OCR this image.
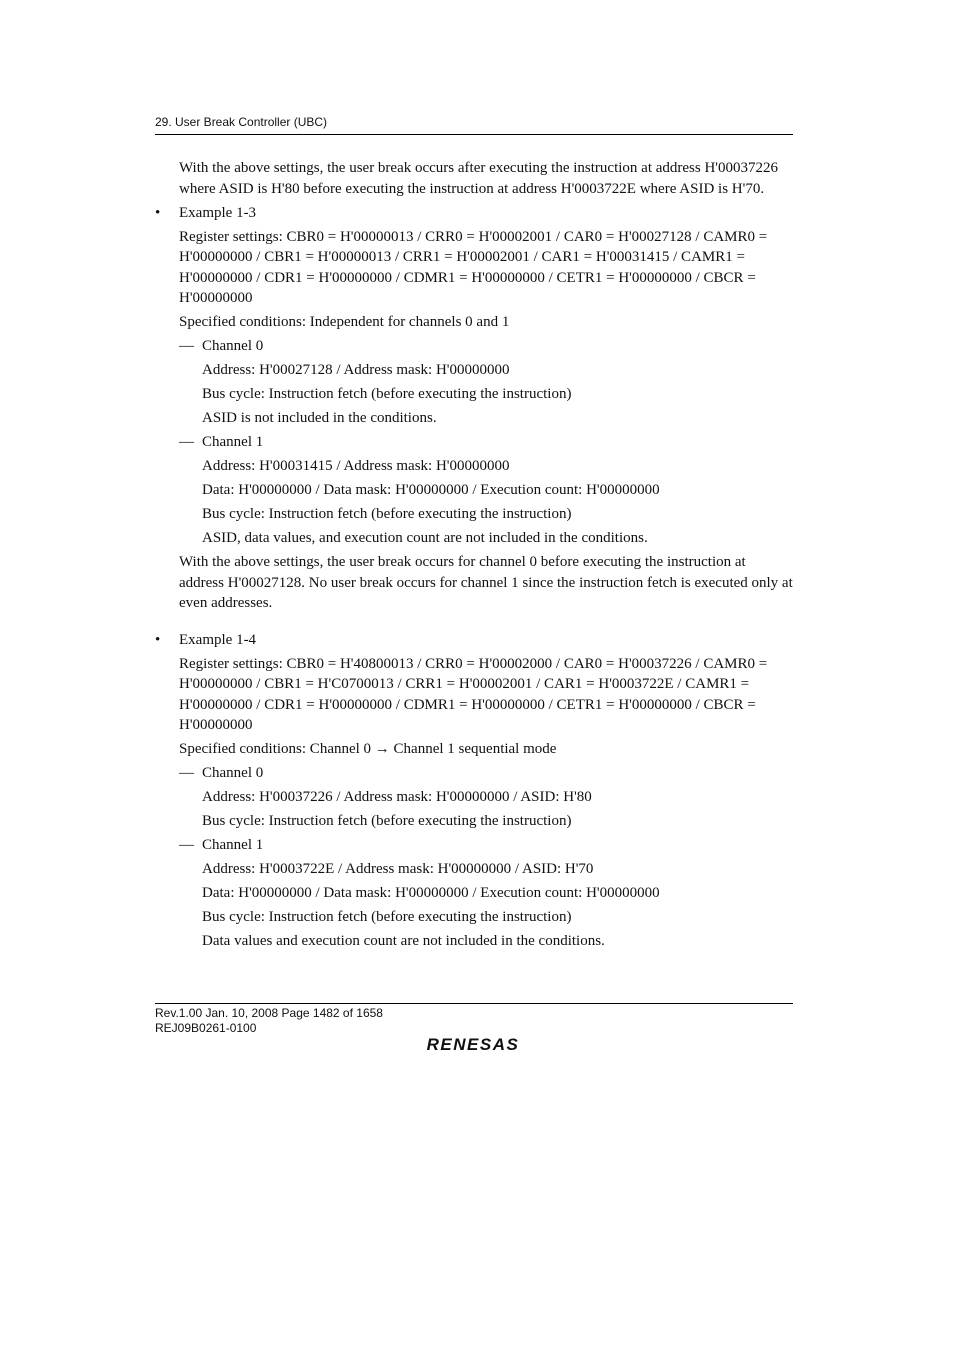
29. User Break Controller (UBC)

With the above settings, the user break occurs after executing the instruction at address H'00037226 where ASID is H'80 before executing the instruction at address H'0003722E where ASID is H'70.

•	Example 1-3

Register settings: CBR0 = H'00000013 / CRR0 = H'00002001 / CAR0 = H'00027128 / CAMR0 = H'00000000 / CBR1 = H'00000013 / CRR1 = H'00002001 / CAR1 = H'00031415 / CAMR1 = H'00000000 / CDR1 = H'00000000 / CDMR1 = H'00000000 / CETR1 = H'00000000 / CBCR = H'00000000

Specified conditions: Independent for channels 0 and 1

— Channel 0

Address: H'00027128 / Address mask: H'00000000

Bus cycle: Instruction fetch (before executing the instruction)

ASID is not included in the conditions.

— Channel 1

Address: H'00031415 / Address mask: H'00000000

Data: H'00000000 / Data mask: H'00000000 / Execution count: H'00000000

Bus cycle: Instruction fetch (before executing the instruction)

ASID, data values, and execution count are not included in the conditions.

With the above settings, the user break occurs for channel 0 before executing the instruction at address H'00027128. No user break occurs for channel 1 since the instruction fetch is executed only at even addresses.

•	Example 1-4

Register settings: CBR0 = H'40800013 / CRR0 = H'00002000 / CAR0 = H'00037226 / CAMR0 = H'00000000 / CBR1 = H'C0700013 / CRR1 = H'00002001 / CAR1 = H'0003722E / CAMR1 = H'00000000 / CDR1 = H'00000000 / CDMR1 = H'00000000 / CETR1 = H'00000000 / CBCR = H'00000000

Specified conditions: Channel 0 → Channel 1 sequential mode

— Channel 0

Address: H'00037226 / Address mask: H'00000000 / ASID: H'80

Bus cycle: Instruction fetch (before executing the instruction)

— Channel 1

Address: H'0003722E / Address mask: H'00000000 / ASID: H'70

Data: H'00000000 / Data mask: H'00000000 / Execution count: H'00000000

Bus cycle: Instruction fetch (before executing the instruction)

Data values and execution count are not included in the conditions.

Rev.1.00 Jan. 10, 2008 Page 1482 of 1658
REJ09B0261-0100
RENESAS
